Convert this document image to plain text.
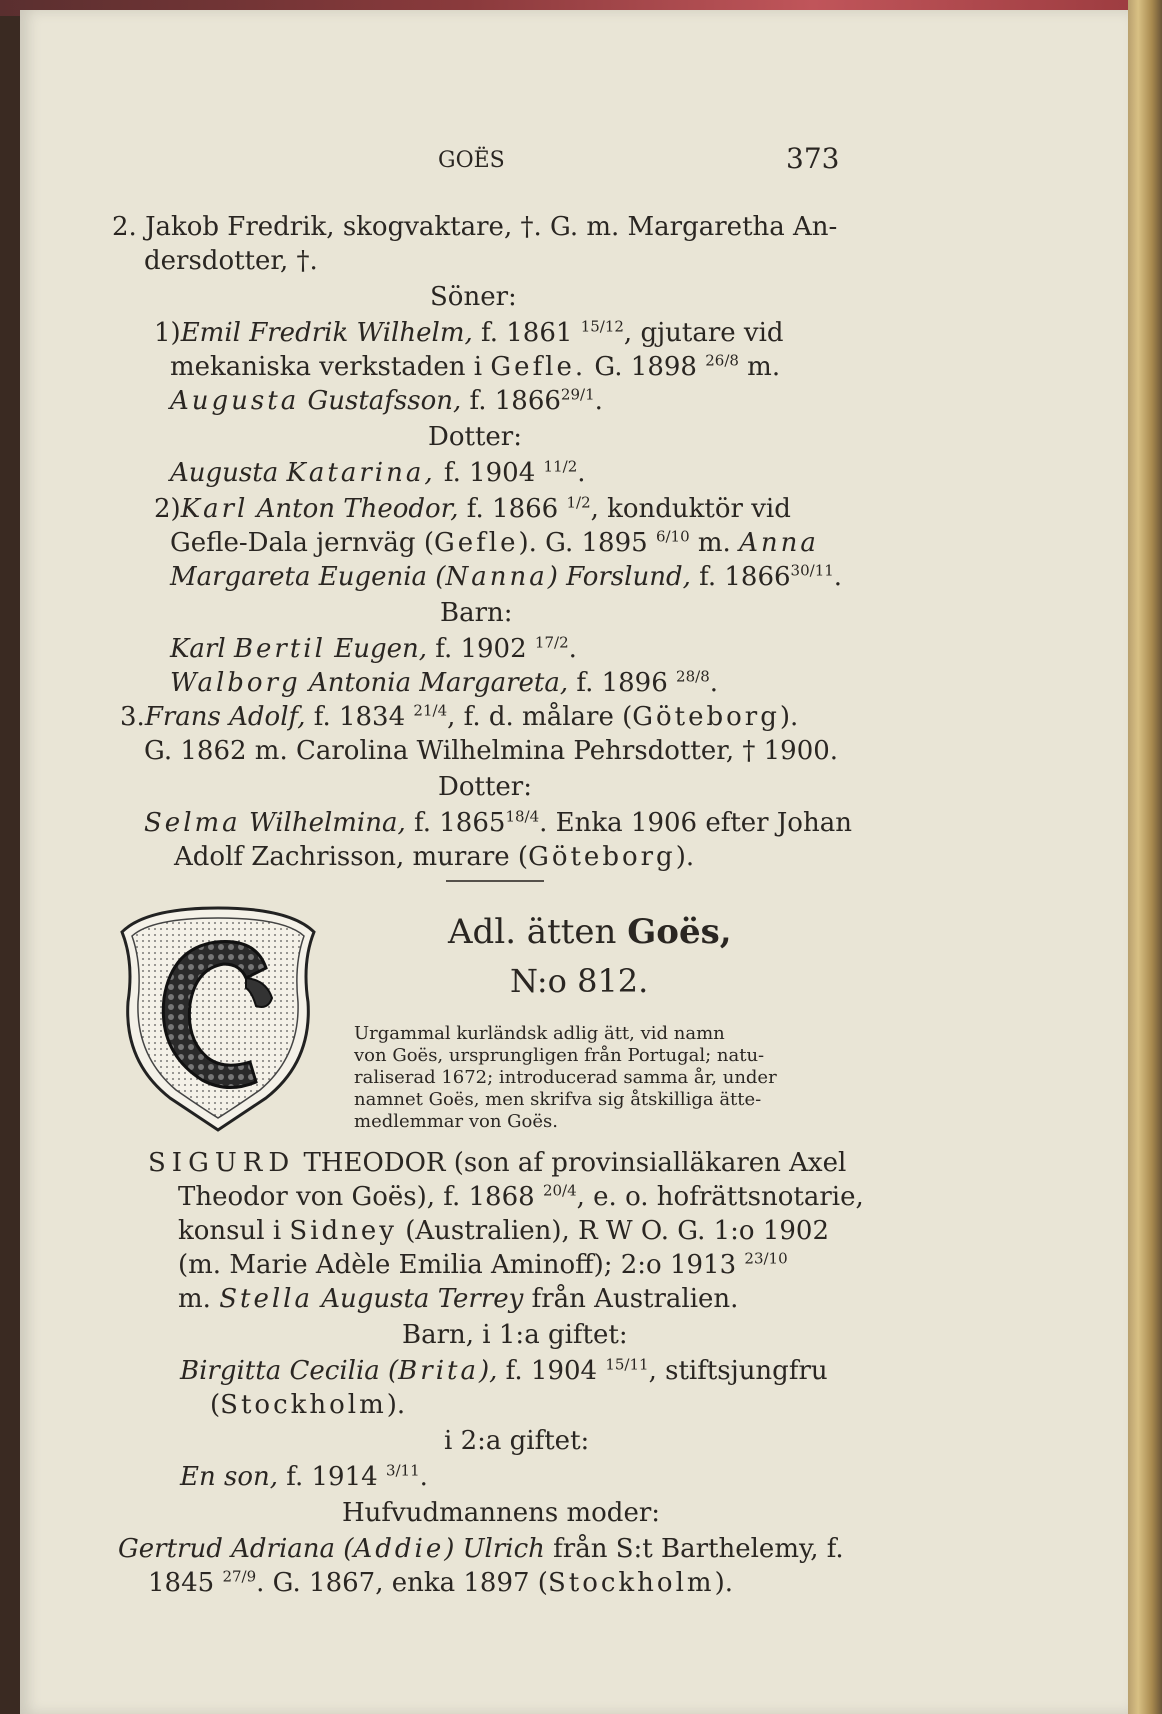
GOËS	373
2. Jakob Fredrik, skogvaktare, †. G. m. Margaretha An-
dersdotter, †.
Söner:
1)Emil Fredrik Wilhelm, f. 1861 $^{15/12}$, gjutare vid
mekaniska verkstaden i Gefle. G. 1898 $^{26/8}$ m.
Augusta Gustafsson, f. $1866^{29/1}$.
Dotter:
Augusta Katarina, f. 1904 $^{11/2}$.
2)Karl Anton Theodor, f. 1866 $^{1/2}$, konduktör vid
Gefle-Dala jernväg (Gefle). G. 1895 $^{6/10}$ m. Anna
Margareta Eugenia (Nanna) Forslund, f. $1866^{30/11}$.
Barn:
Karl Bertil Eugen, f. 1902 $^{17/2}$.
Walborg Antonia Margareta, f. 1896 $^{28/8}$.
3.Frans Adolf, f. 1834 $^{21/4}$, f. d. målare (Göteborg).
G. 1862 m. Carolina Wilhelmina Pehrsdotter, † 1900.
Dotter:
Selma Wilhelmina, f. $1865^{18/4}$. Enka 1906 efter Johan
Adolf Zachrisson, murare (Göteborg).
Adl. ätten Goës,
N:o 812.
Urgammal kurländsk adlig ätt, vid namn
von Goës, ursprungligen från Portugal; natu-
raliserad 1672; introducerad samma år, under
namnet Goës, men skrifva sig åtskilliga ätte-
medlemmar von Goës.
SIGURD THEODOR (son af provinsialläkaren Axel
Theodor von Goës), f. 1868 $^{20/4}$, e. o. hofrättsnotarie,
konsul i Sidney (Australien), R W O. G. 1:o 1902
(m. Marie Adèle Emilia Aminoff); 2:o 1913 $^{23/10}$
m. Stella Augusta Terrey från Australien.
Barn, i 1:a giftet:
Birgitta Cecilia (Brita), f. 1904 $^{15/11}$, stiftsjungfru
(Stockholm).
i 2:a giftet:
En son, f. 1914 $^{3/11}$.
Hufvudmannens moder:
Gertrud Adriana (Addie) Ulrich från S:t Barthelemy, f.
1845 $^{27/9}$. G. 1867, enka 1897 (Stockholm).
